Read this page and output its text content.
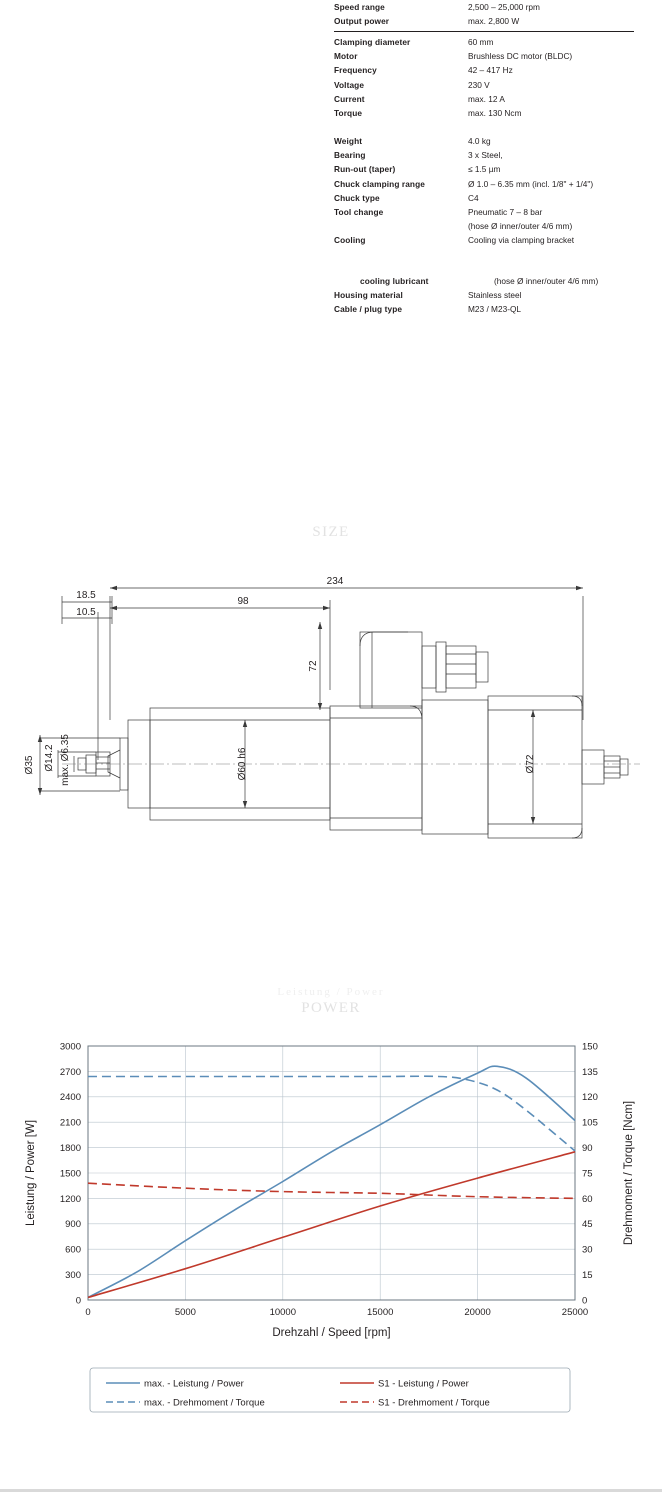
Speed range	2,500 – 25,000 rpm
Output power	max. 2,800 W
Clamping diameter	60 mm
Motor	Brushless DC motor (BLDC)
Frequency	42 – 417 Hz
Voltage	230 V
Current	max. 12 A
Torque	max. 130 Ncm
Weight	4.0 kg
Bearing	3 x Steel,
Run-out (taper)	≤ 1.5 µm
Chuck clamping range	Ø 1.0 – 6.35 mm (incl. 1/8" + 1/4")
Chuck type	C4
Tool change	Pneumatic 7 – 8 bar
(hose Ø inner/outer 4/6 mm)
Cooling	Cooling via clamping bracket
cooling lubricant	(hose Ø inner/outer 4/6 mm)
Housing material	Stainless steel
Cable / plug type	M23 / M23-QL
SIZE
234
98
18.5
10.5
72
Ø60 h6	Ø72
Ø35 Ø14.2 max. Ø6.35
Leistung / Power
POWER
0
300
600
900
1200
1500
1800
2100
2400
2700
3000
0
15
30
45
60
75
90
105
120
135
150
0	5000	10000	15000	20000	25000
Drehzahl / Speed [rpm]
Leistung / Power [W]	Drehmoment / Torque [Ncm]
max. - Leistung / Power	S1 - Leistung / Power
max. - Drehmoment / Torque	S1 - Drehmoment / Torque
